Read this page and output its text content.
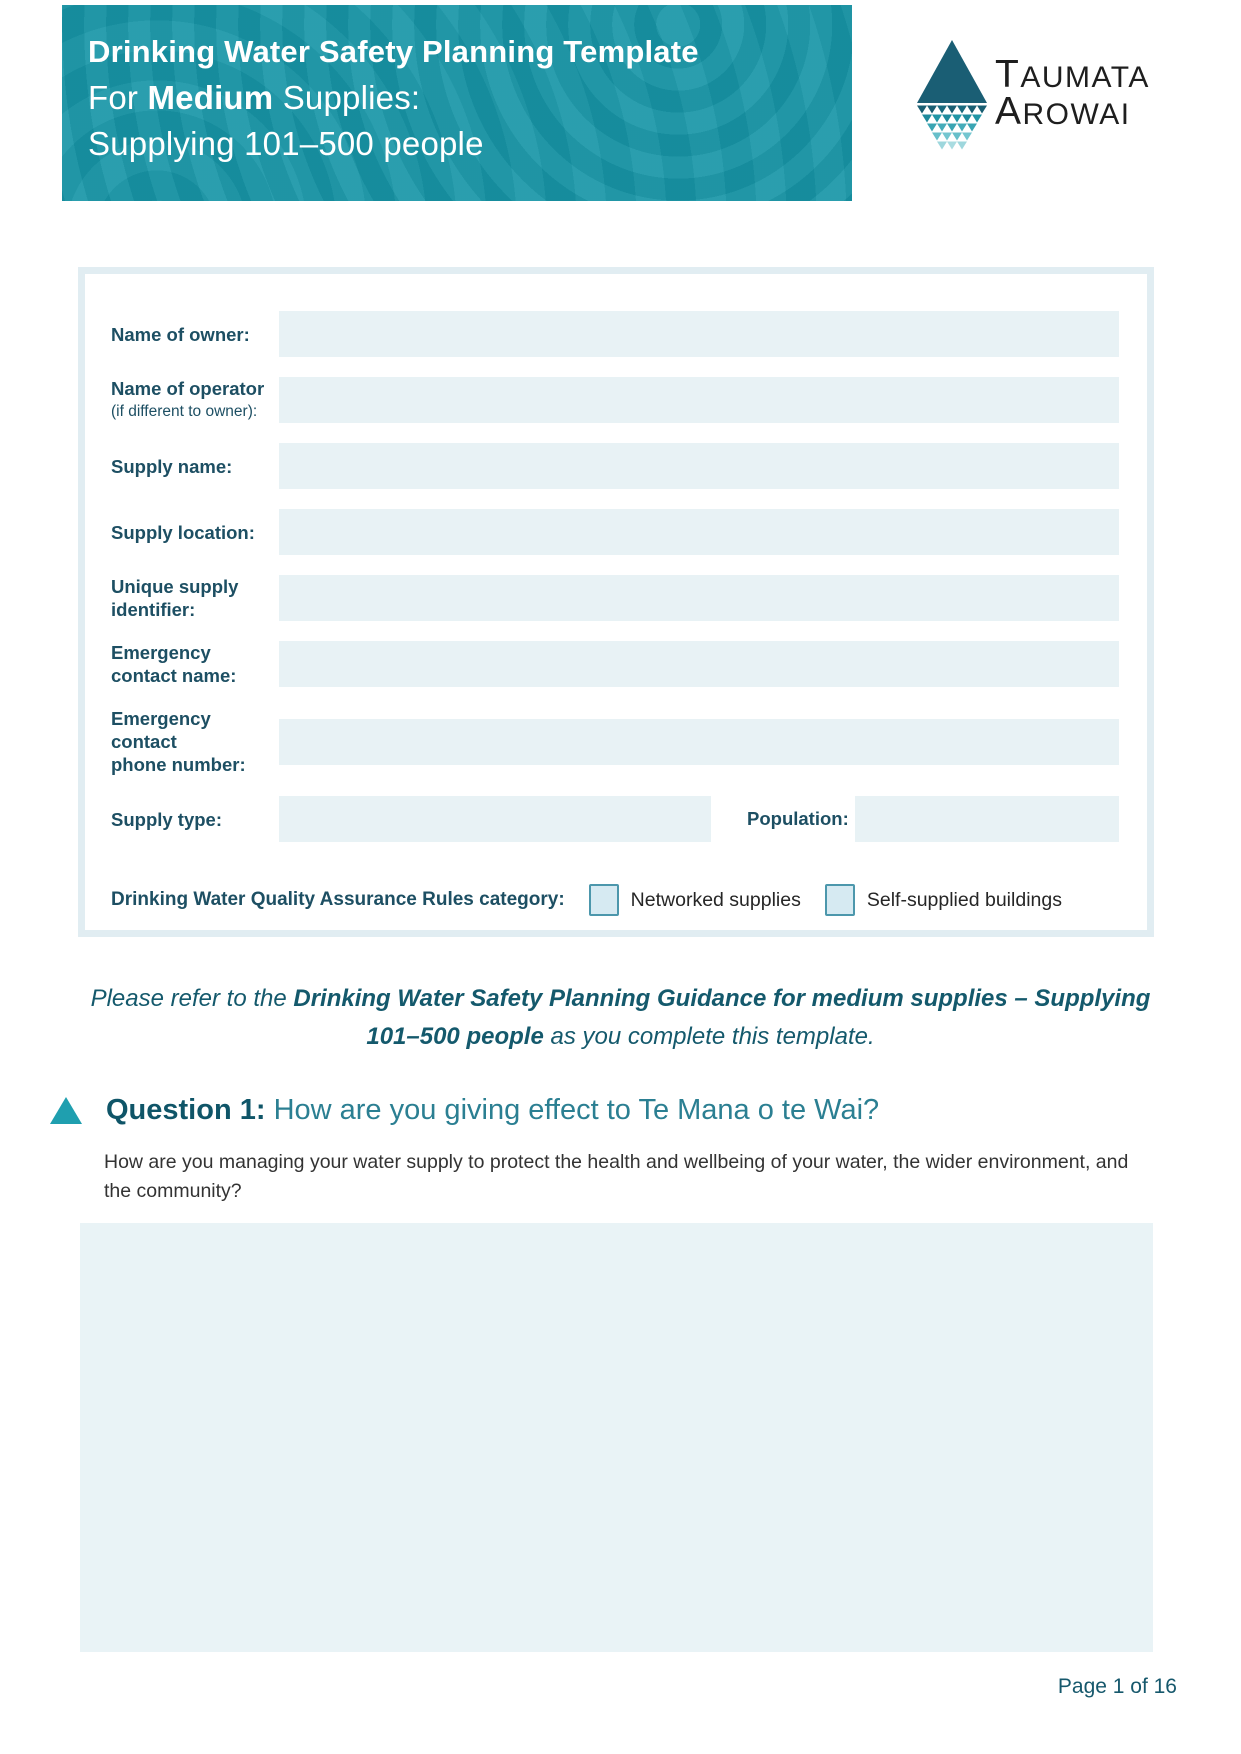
Drinking Water Safety Planning Template
For Medium Supplies:
Supplying 101–500 people
TAUMATA
AROWAI
Name of owner:
Name of operator
(if different to owner):
Supply name:
Supply location:
Unique supply
identifier:
Emergency
contact name:
Emergency contact
phone number:
Supply type:	Population:
Drinking Water Quality Assurance Rules category:	Networked supplies	Self-supplied buildings
Please refer to the Drinking Water Safety Planning Guidance for medium supplies – Supplying 101–500 people as you complete this template.
Question 1: How are you giving effect to Te Mana o te Wai?
How are you managing your water supply to protect the health and wellbeing of your water, the wider environment, and the community?
Page 1 of 16
